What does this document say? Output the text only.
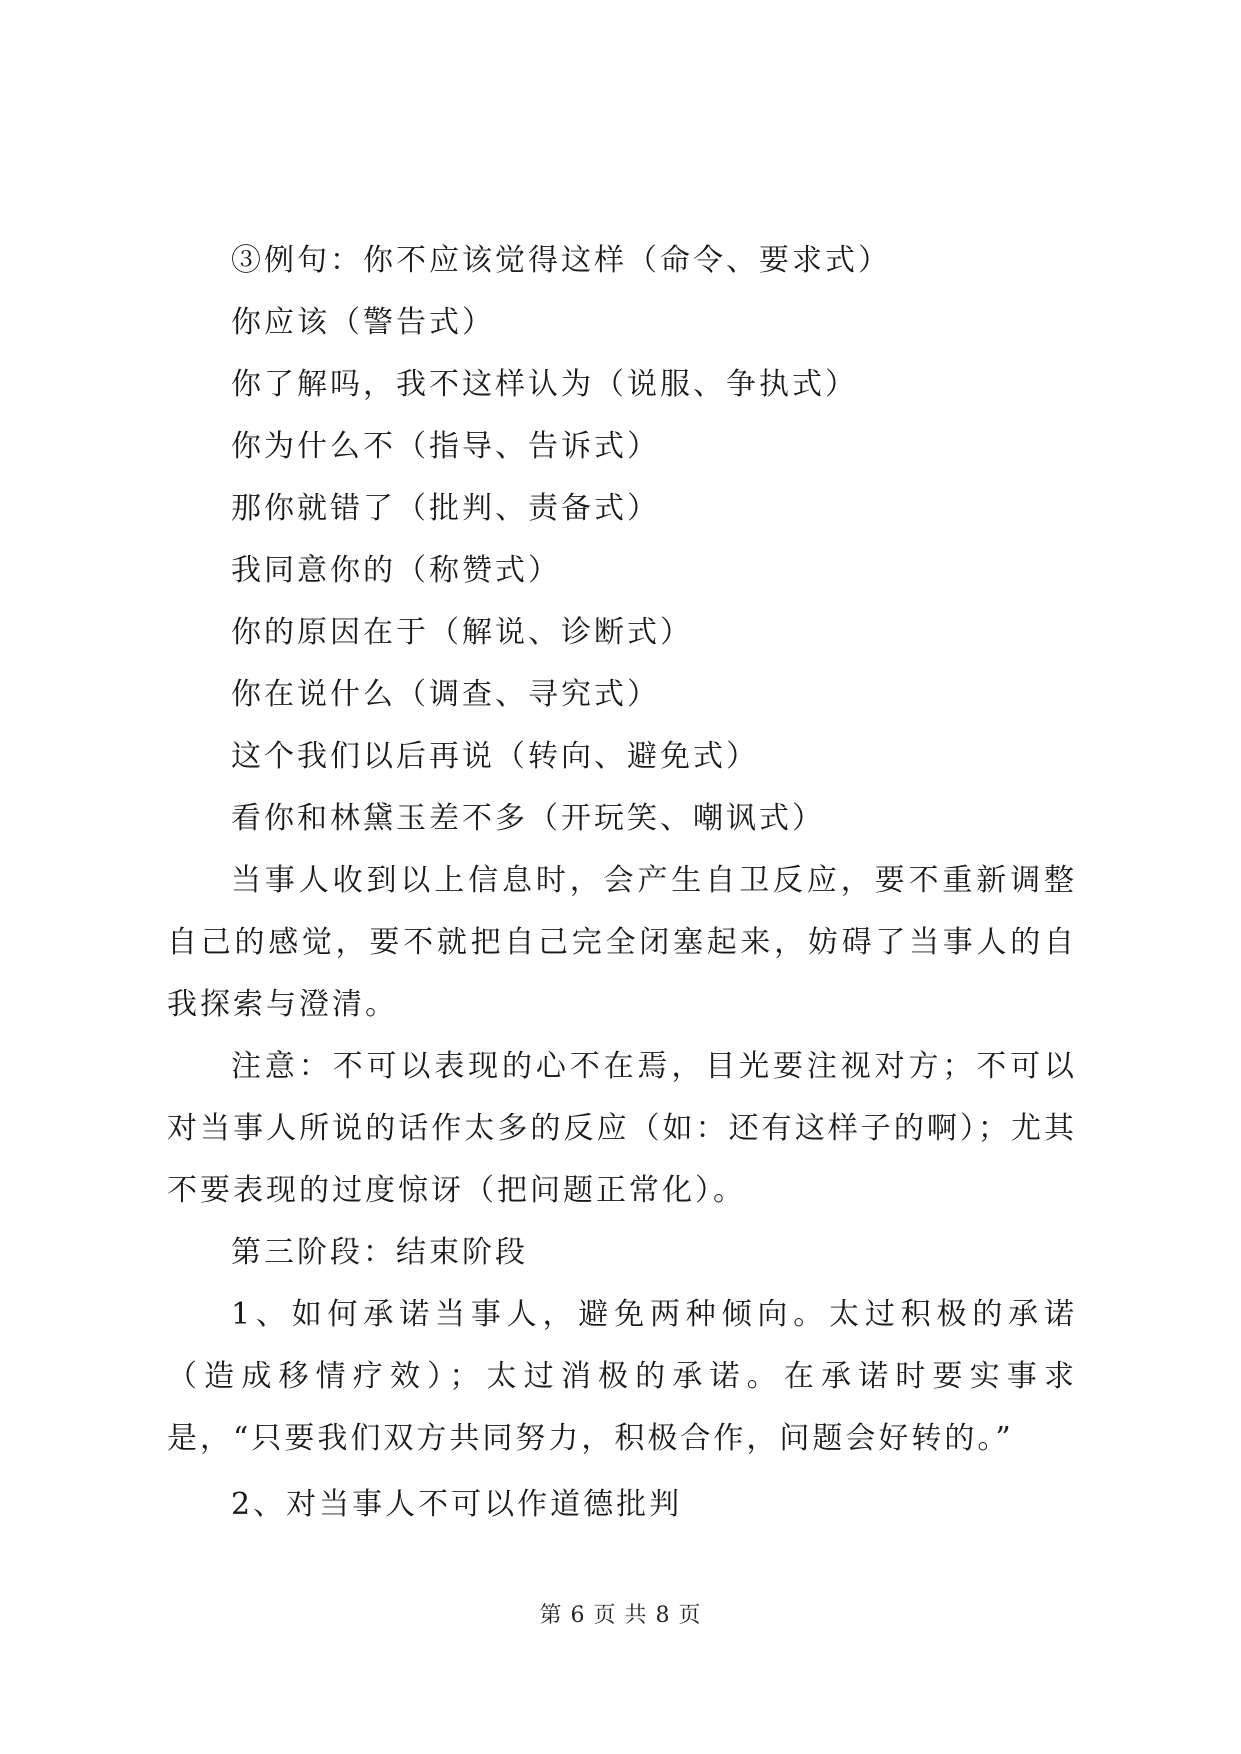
③例句：你不应该觉得这样（命令、要求式）
你应该（警告式）
你了解吗，我不这样认为（说服、争执式）
你为什么不（指导、告诉式）
那你就错了（批判、责备式）
我同意你的（称赞式）
你的原因在于（解说、诊断式）
你在说什么（调查、寻究式）
这个我们以后再说（转向、避免式）
看你和林黛玉差不多（开玩笑、嘲讽式）

当事人收到以上信息时，会产生自卫反应，要不重新调整自己的感觉，要不就把自己完全闭塞起来，妨碍了当事人的自我探索与澄清。

注意：不可以表现的心不在焉，目光要注视对方；不可以对当事人所说的话作太多的反应（如：还有这样子的啊）；尤其不要表现的过度惊讶（把问题正常化）。

第三阶段：结束阶段

1、如何承诺当事人，避免两种倾向。太过积极的承诺（造成移情疗效）；太过消极的承诺。在承诺时要实事求是，“只要我们双方共同努力，积极合作，问题会好转的。”

2、对当事人不可以作道德批判

第 6 页 共 8 页
